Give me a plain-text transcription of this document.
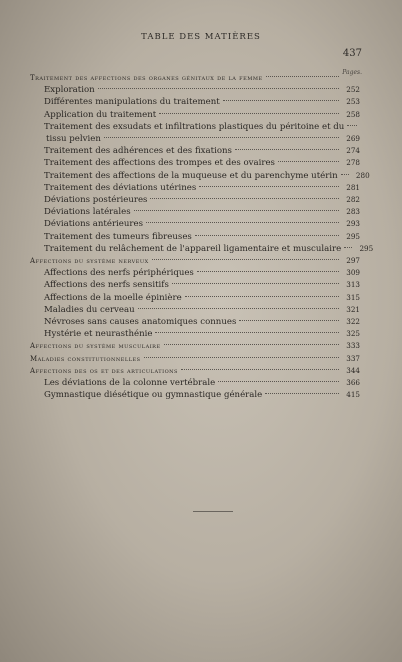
TABLE DES MATIÈRES
437
Pages.
Traitement des affections des organes génitaux de la femme
Exploration	252
Différentes manipulations du traitement	253
Application du traitement	258
Traitement des exsudats et infiltrations plastiques du péritoine et du
tissu pelvien	269
Traitement des adhérences et des fixations	274
Traitement des affections des trompes et des ovaires	278
Traitement des affections de la muqueuse et du parenchyme utérin	280
Traitement des déviations utérines	281
Déviations postérieures	282
Déviations latérales	283
Déviations antérieures	293
Traitement des tumeurs fibreuses	295
Traitement du relâchement de l'appareil ligamentaire et musculaire	295
Affections du système nerveux	297
Affections des nerfs périphériques	309
Affections des nerfs sensitifs	313
Affections de la moelle épinière	315
Maladies du cerveau	321
Névroses sans causes anatomiques connues	322
Hystérie et neurasthénie	325
Affections du système musculaire	333
Maladies constitutionnelles	337
Affections des os et des articulations	344
Les déviations de la colonne vertébrale	366
Gymnastique diésétique ou gymnastique générale	415
